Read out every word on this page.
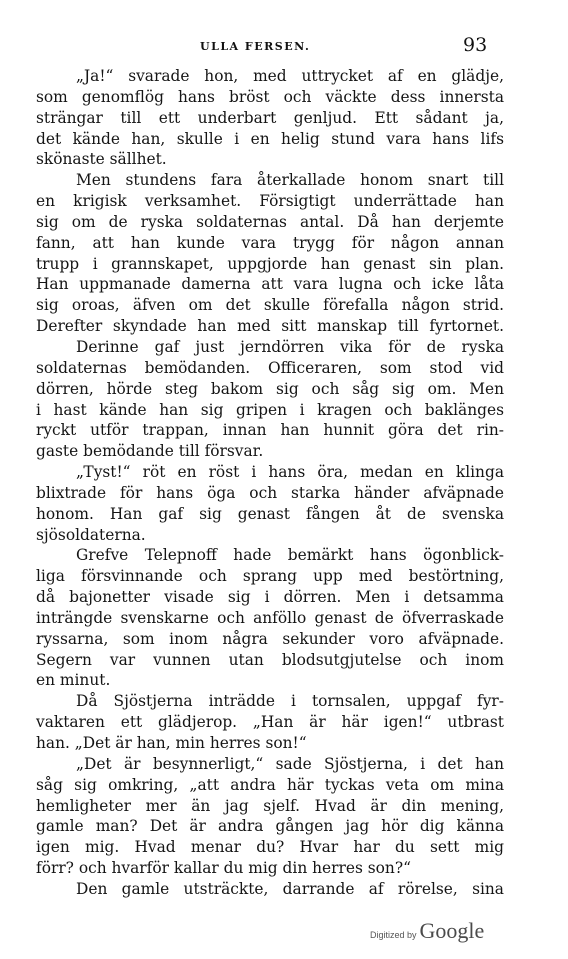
ULLA FERSEN.	93
„Ja!“ svarade hon, med uttrycket af en glädje,
som genomflög hans bröst och väckte dess innersta
strängar till ett underbart genljud. Ett sådant ja,
det kände han, skulle i en helig stund vara hans lifs
skönaste sällhet.
Men stundens fara återkallade honom snart till
en krigisk verksamhet. Försigtigt underrättade han
sig om de ryska soldaternas antal. Då han derjemte
fann, att han kunde vara trygg för någon annan
trupp i grannskapet, uppgjorde han genast sin plan.
Han uppmanade damerna att vara lugna och icke låta
sig oroas, äfven om det skulle förefalla någon strid.
Derefter skyndade han med sitt manskap till fyrtornet.
Derinne gaf just jerndörren vika för de ryska
soldaternas bemödanden. Officeraren, som stod vid
dörren, hörde steg bakom sig och såg sig om. Men
i hast kände han sig gripen i kragen och baklänges
ryckt utför trappan, innan han hunnit göra det rin-
gaste bemödande till försvar.
„Tyst!“ röt en röst i hans öra, medan en klinga
blixtrade för hans öga och starka händer afväpnade
honom. Han gaf sig genast fången åt de svenska
sjösoldaterna.
Grefve Telepnoff hade bemärkt hans ögonblick-
liga försvinnande och sprang upp med bestörtning,
då bajonetter visade sig i dörren. Men i detsamma
inträngde svenskarne och anföllo genast de öfverraskade
ryssarna, som inom några sekunder voro afväpnade.
Segern var vunnen utan blodsutgjutelse och inom
en minut.
Då Sjöstjerna inträdde i tornsalen, uppgaf fyr-
vaktaren ett glädjerop. „Han är här igen!“ utbrast
han. „Det är han, min herres son!“
„Det är besynnerligt,“ sade Sjöstjerna, i det han
såg sig omkring, „att andra här tyckas veta om mina
hemligheter mer än jag sjelf. Hvad är din mening,
gamle man? Det är andra gången jag hör dig känna
igen mig. Hvad menar du? Hvar har du sett mig
förr? och hvarför kallar du mig din herres son?“
Den gamle utsträckte, darrande af rörelse, sina
Digitized by Google
